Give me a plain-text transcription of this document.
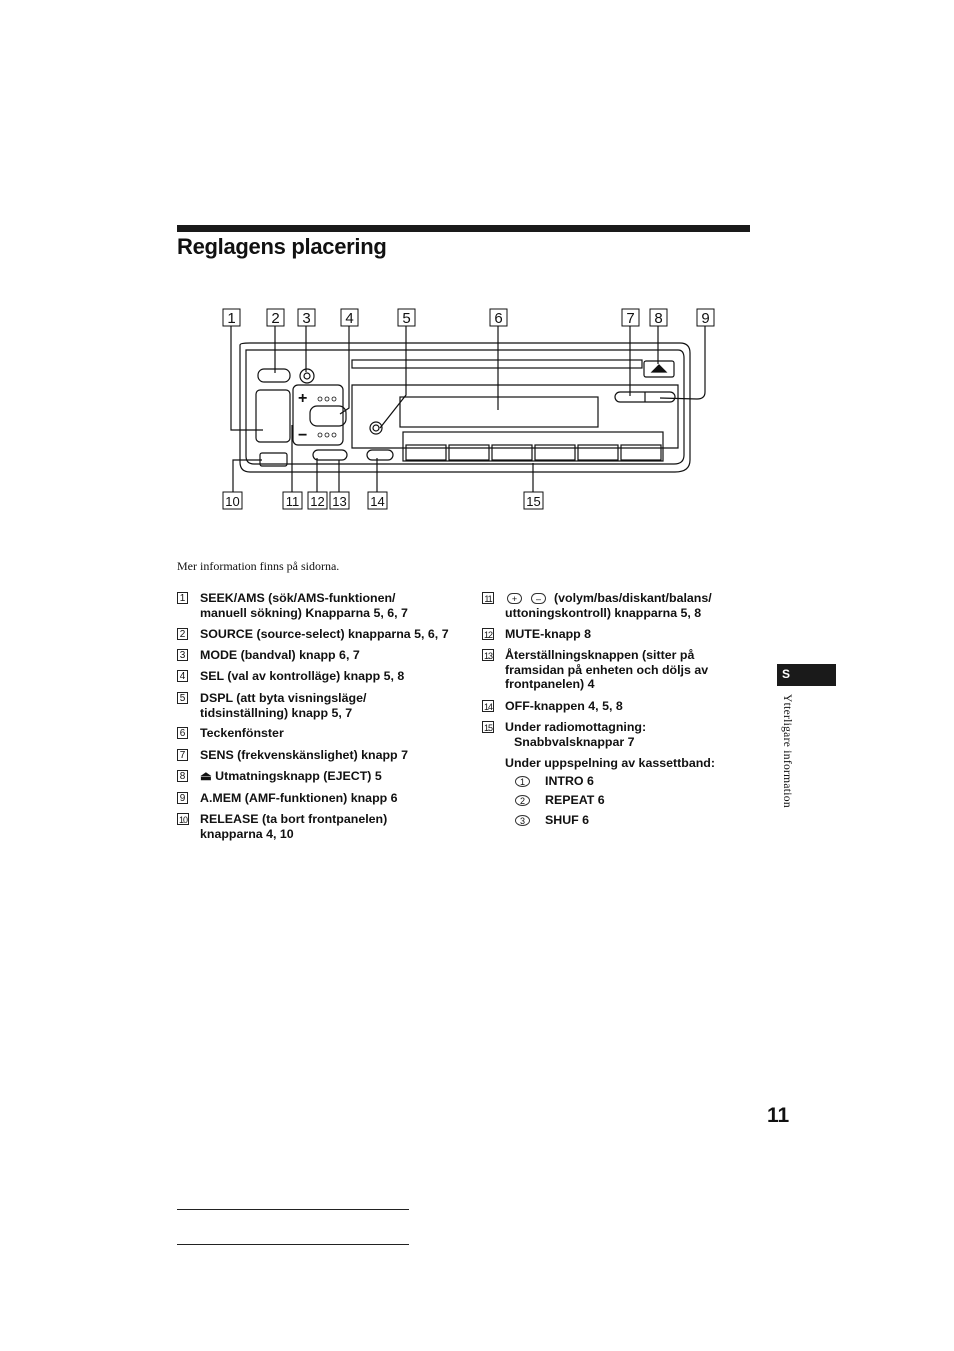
Reglagens placering
1 2 3 4	5	6	7 8	9
10	11 12 13 14	15
+
−
Mer information finns på sidorna.
1 SEEK/AMS (sök/AMS-funktionen/
manuell sökning) Knapparna 5, 6, 7
2 SOURCE (source-select) knapparna 5, 6, 7
3 MODE (bandval) knapp 6, 7
4 SEL (val av kontrolläge) knapp 5, 8
5 DSPL (att byta visningsläge/
tidsinställning) knapp 5, 7
6 Teckenfönster
7 SENS (frekvenskänslighet) knapp 7
8 ⏏ Utmatningsknapp (EJECT) 5
9 A.MEM (AMF-funktionen) knapp 6
10 RELEASE (ta bort frontpanelen)
knapparna 4, 10
11	+	–	(volym/bas/diskant/balans/
uttoningskontroll) knapparna 5, 8
12 MUTE-knapp 8
13 Återställningsknappen (sitter på
framsidan på enheten och döljs av
frontpanelen) 4
14 OFF-knappen 4, 5, 8
15 Under radiomottagning:
Snabbvalsknappar 7
Under uppspelning av kassettband:
1	INTRO 6
2	REPEAT 6
3	SHUF 6
S
Ytterligare information
11
